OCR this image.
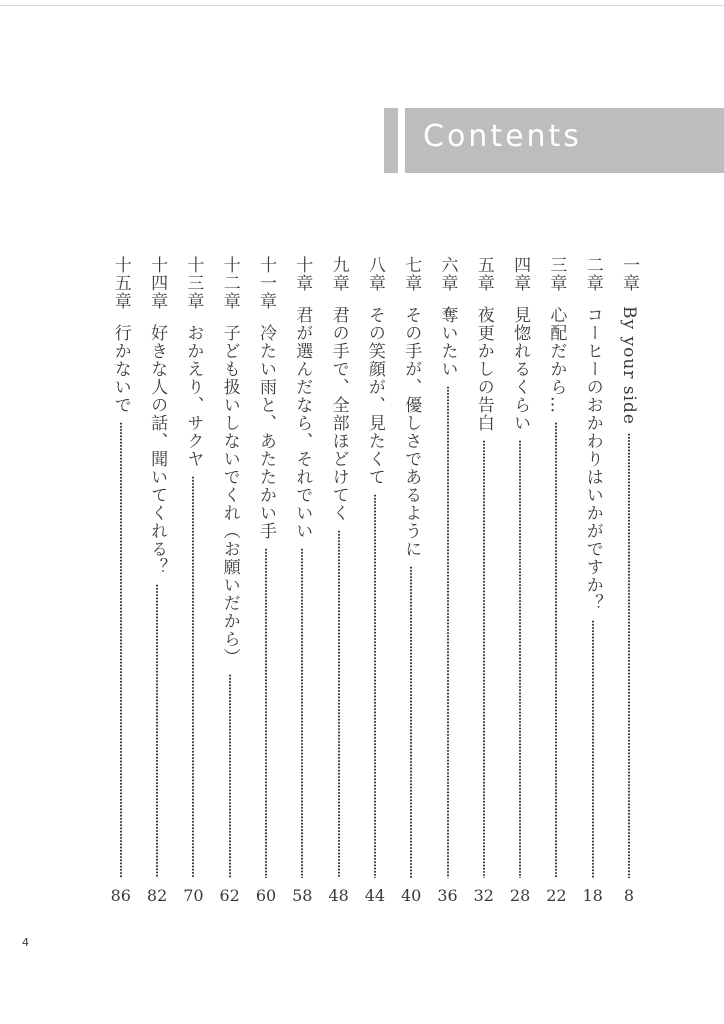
Contents
一章
By your side
8
二章
コーヒーのおかわりはいかがですか？
18
三章
心配だから…
22
四章
見惚れるくらい
28
五章
夜更かしの告白
32
六章
奪いたい
36
七章
その手が、優しさであるように
40
八章
その笑顔が、見たくて
44
九章
君の手で、全部ほどけてく
48
十章
君が選んだなら、それでいい
58
十一章
冷たい雨と、あたたかい手
60
十二章
子ども扱いしないでくれ（お願いだから）
62
十三章
おかえり、サクヤ
70
十四章
好きな人の話、聞いてくれる？
82
十五章
行かないで
86
4
